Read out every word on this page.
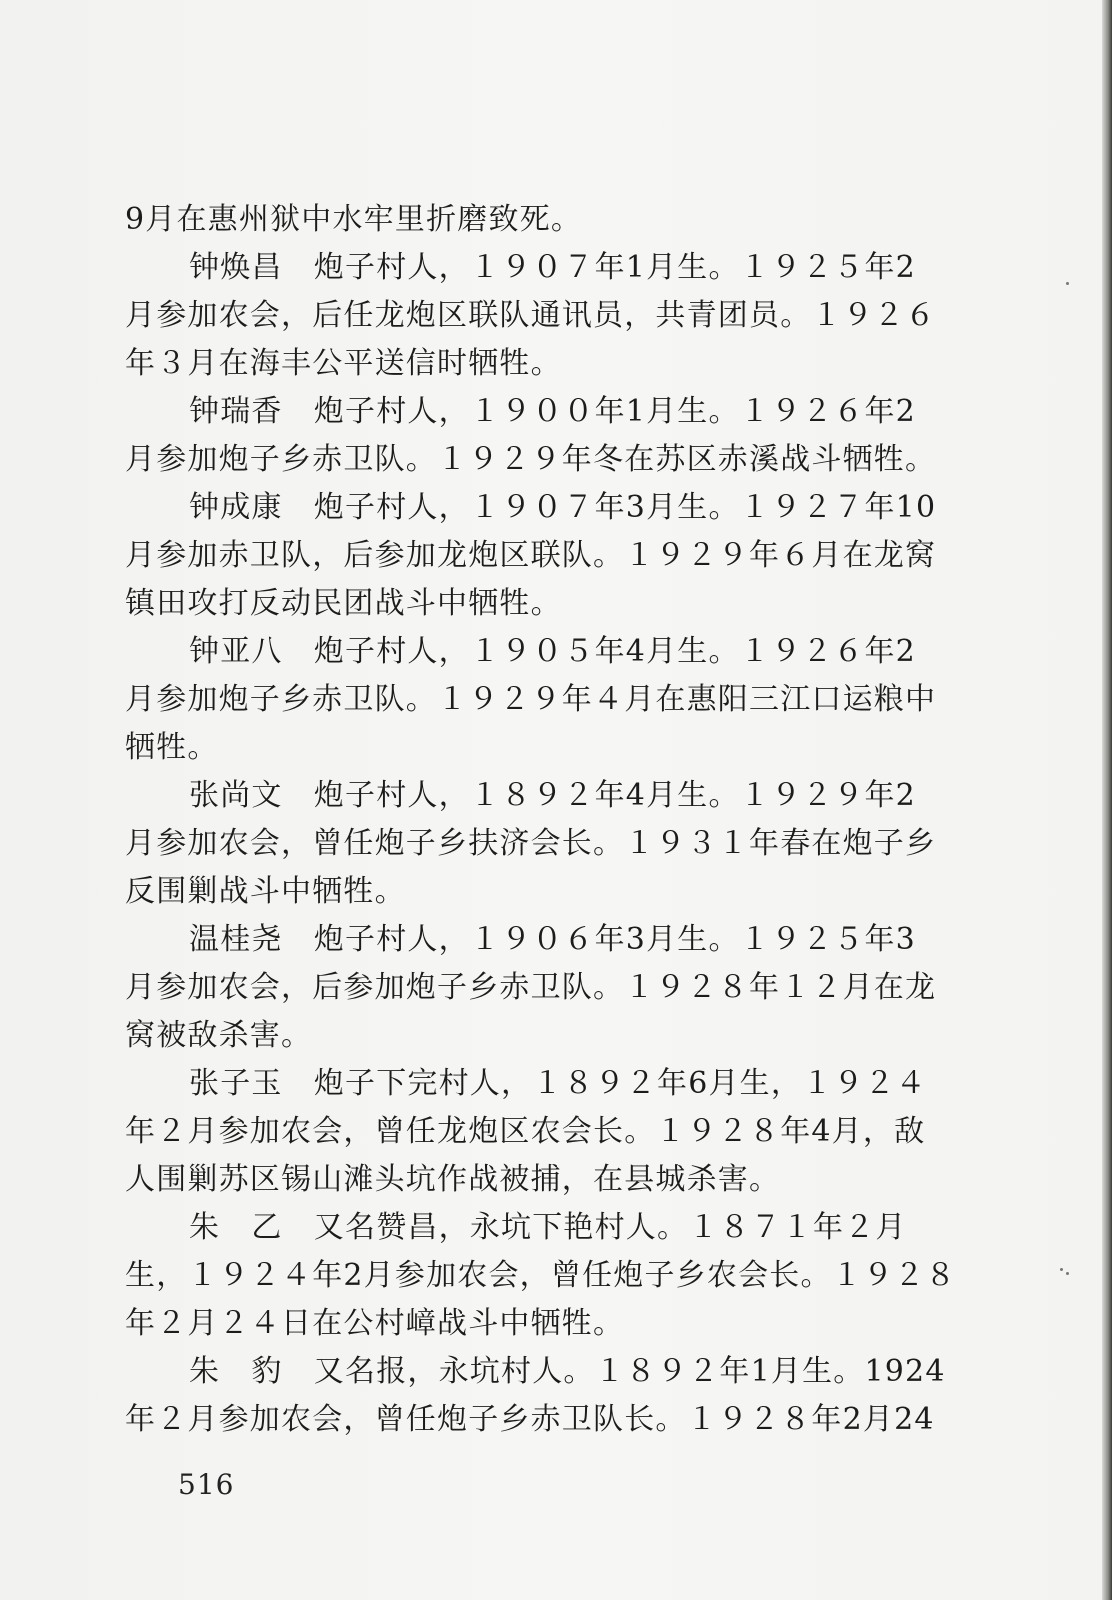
9月在惠州狱中水牢里折磨致死。
钟焕昌　炮子村人，１９０７年1月生。１９２５年2
月参加农会，后任龙炮区联队通讯员，共青团员。１９２６
年３月在海丰公平送信时牺牲。
钟瑞香　炮子村人，１９００年1月生。１９２６年2
月参加炮子乡赤卫队。１９２９年冬在苏区赤溪战斗牺牲。
钟成康　炮子村人，１９０７年3月生。１９２７年10
月参加赤卫队，后参加龙炮区联队。１９２９年６月在龙窝
镇田攻打反动民团战斗中牺牲。
钟亚八　炮子村人，１９０５年4月生。１９２６年2
月参加炮子乡赤卫队。１９２９年４月在惠阳三江口运粮中
牺牲。
张尚文　炮子村人，１８９２年4月生。１９２９年2
月参加农会，曾任炮子乡扶济会长。１９３１年春在炮子乡
反围剿战斗中牺牲。
温桂尧　炮子村人，１９０６年3月生。１９２５年3
月参加农会，后参加炮子乡赤卫队。１９２８年１２月在龙
窝被敌杀害。
张子玉　炮子下完村人，１８９２年6月生，１９２４
年２月参加农会，曾任龙炮区农会长。１９２８年4月，敌
人围剿苏区锡山滩头坑作战被捕，在县城杀害。
朱　乙　又名赞昌，永坑下艳村人。１８７１年２月
生，１９２４年2月参加农会，曾任炮子乡农会长。１９２８
年２月２４日在公村嶂战斗中牺牲。
朱　豹　又名报，永坑村人。１８９２年1月生。1924
年２月参加农会，曾任炮子乡赤卫队长。１９２８年2月24
516
